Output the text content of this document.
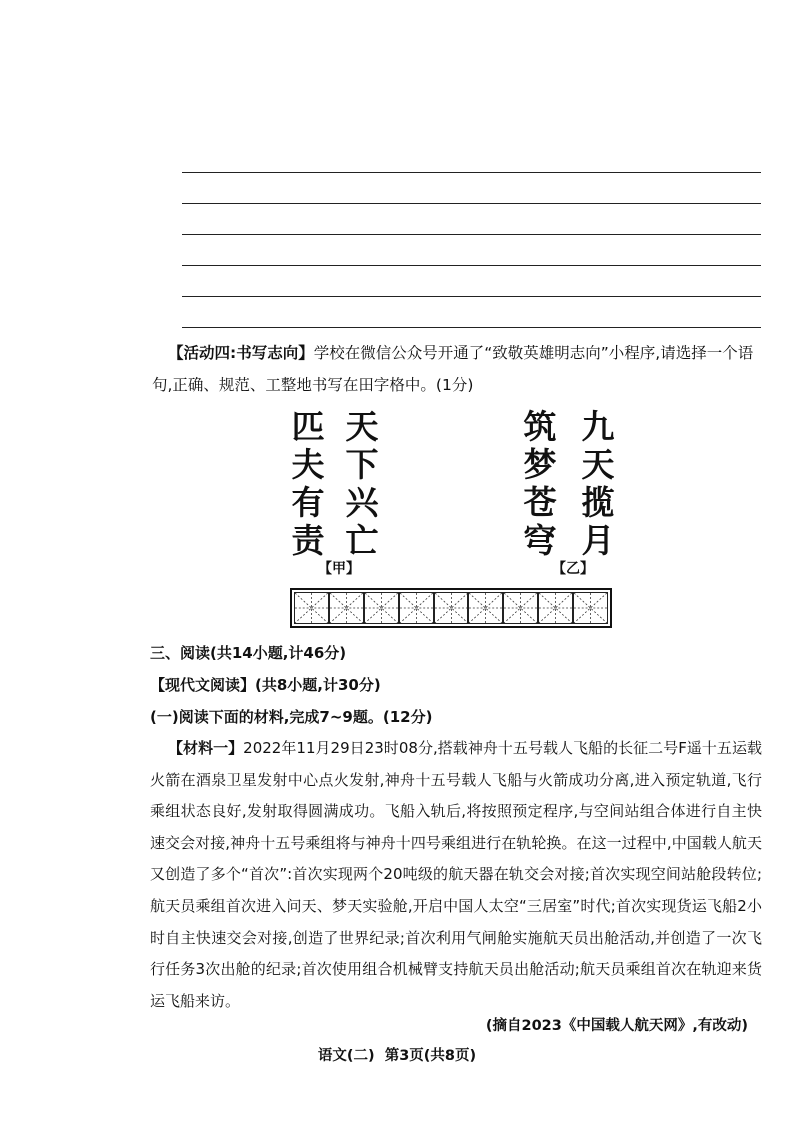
【活动四:书写志向】学校在微信公众号开通了“致敬英雄明志向”小程序,请选择一个语
句,正确、规范、工整地书写在田字格中。(1分)
匹
夫
有
责
天
下
兴
亡
【甲】
筑
梦
苍
穹
九
天
揽
月
【乙】
三、阅读(共14小题,计46分)
【现代文阅读】(共8小题,计30分)
(一)阅读下面的材料,完成7~9题。(12分)
【材料一】2022年11月29日23时08分,搭载神舟十五号载人飞船的长征二号F遥十五运载火箭在酒泉卫星发射中心点火发射,神舟十五号载人飞船与火箭成功分离,进入预定轨道,飞行乘组状态良好,发射取得圆满成功。飞船入轨后,将按照预定程序,与空间站组合体进行自主快速交会对接,神舟十五号乘组将与神舟十四号乘组进行在轨轮换。在这一过程中,中国载人航天又创造了多个“首次”:首次实现两个20吨级的航天器在轨交会对接;首次实现空间站舱段转位;航天员乘组首次进入问天、梦天实验舱,开启中国人太空“三居室”时代;首次实现货运飞船2小时自主快速交会对接,创造了世界纪录;首次利用气闸舱实施航天员出舱活动,并创造了一次飞行任务3次出舱的纪录;首次使用组合机械臂支持航天员出舱活动;航天员乘组首次在轨迎来货运飞船来访。
(摘自2023《中国载人航天网》,有改动)
语文(二)  第3页(共8页)
